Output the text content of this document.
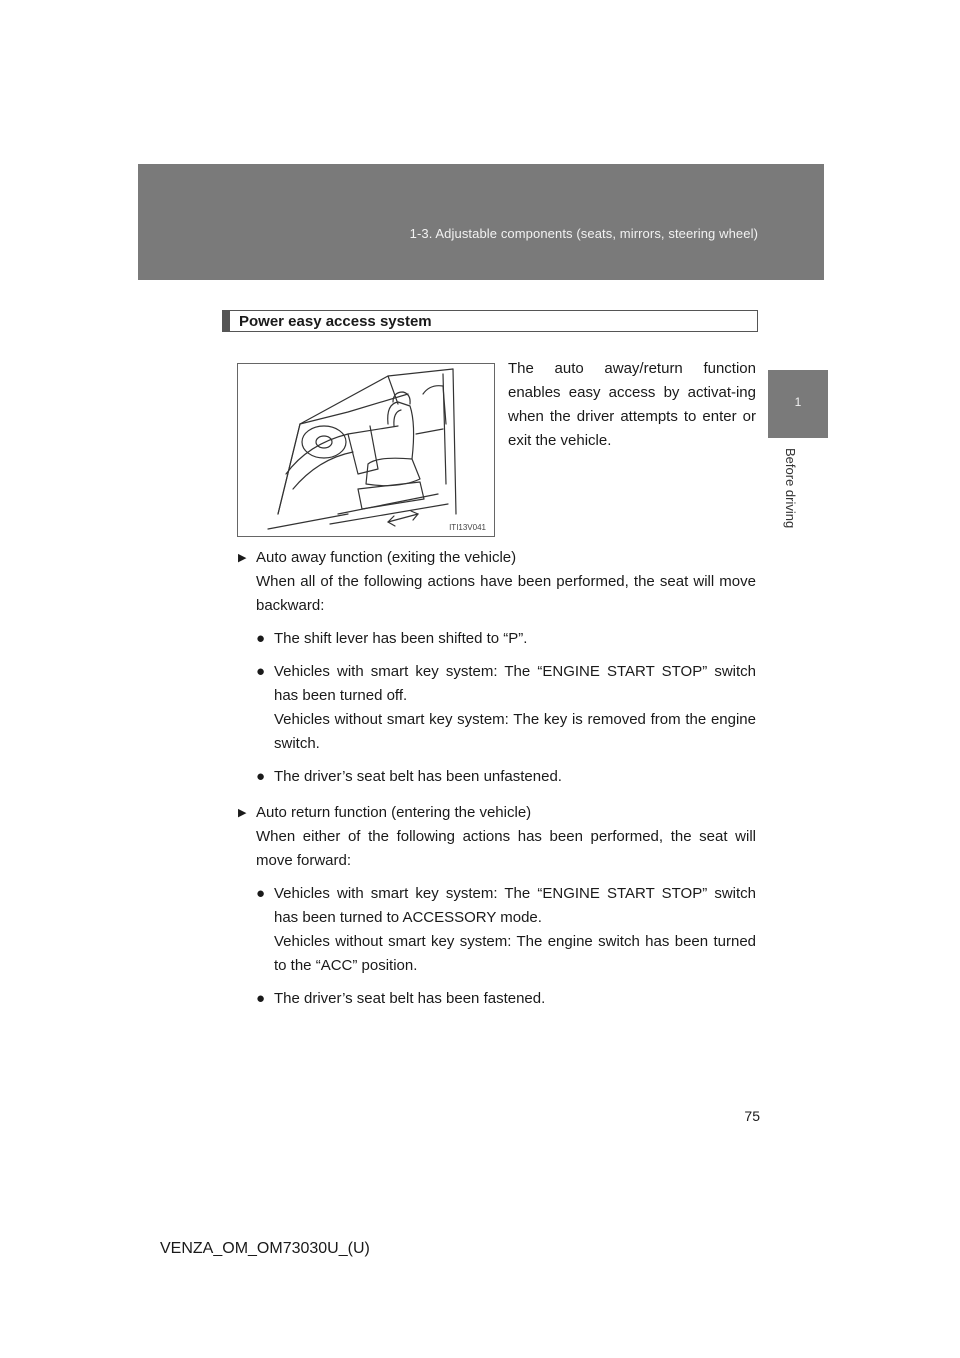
1-3. Adjustable components (seats, mirrors, steering wheel)
1
Before driving
Power easy access system
ITI13V041

The auto away/return function enables easy access by activat-ing when the driver attempts to enter or exit the vehicle.

▶ Auto away function (exiting the vehicle)
When all of the following actions have been performed, the seat will move backward:
● The shift lever has been shifted to “P”.
● Vehicles with smart key system: The “ENGINE START STOP” switch has been turned off.
Vehicles without smart key system: The key is removed from the engine switch.
● The driver’s seat belt has been unfastened.
▶ Auto return function (entering the vehicle)
When either of the following actions has been performed, the seat will move forward:
● Vehicles with smart key system: The “ENGINE START STOP” switch has been turned to ACCESSORY mode.
Vehicles without smart key system: The engine switch has been turned to the “ACC” position.
● The driver’s seat belt has been fastened.
75
VENZA_OM_OM73030U_(U)
